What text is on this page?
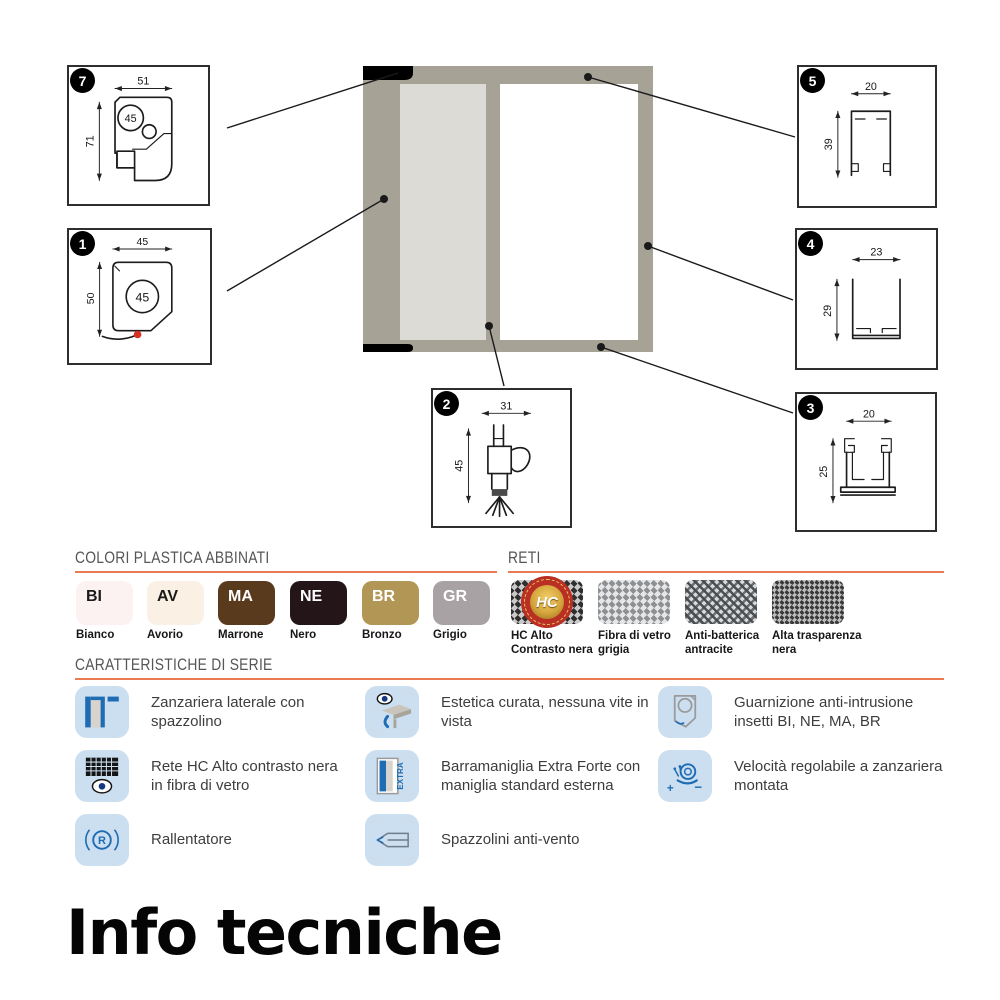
7	51
71
45
1	45
50	45
2	31
45
5	20
39
4
23
29
3	20
25
COLORI PLASTICA ABBINATI
BI	AV	MA	NE	BR	GR
Bianco	Avorio	Marrone Nero	Bronzo	Grigio
RETI
HC
HC Alto Contrasto nera
Fibra di vetro grigia
Anti-batterica antracite
Alta trasparenza nera
CARATTERISTICHE DI SERIE
Zanzariera laterale con spazzolino
Rete HC Alto contrasto nera in fibra di vetro
R	Rallentatore
Estetica curata, nessuna vite in vista
EXTRA Barramaniglia Extra Forte con maniglia standard esterna
Spazzolini anti-vento
Guarnizione anti-intrusione insetti BI, NE, MA, BR
+ −
Velocità regolabile a zanzariera montata
Info tecniche
